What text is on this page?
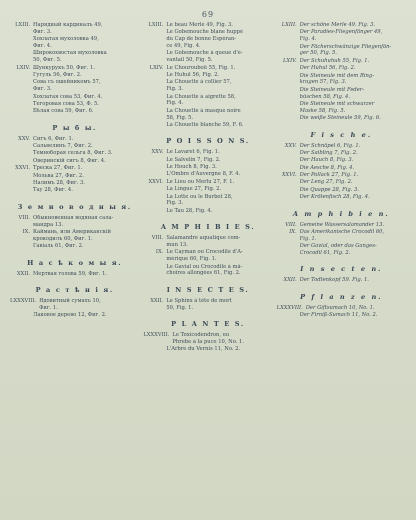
69
LXIII. Нарядный кардиналъ 49,
Фиг. 3.
Хохлатая мухоловка 49,
Фиг. 4.
Широкохвостая мухоловка
50, Фиг. 5.
LXIV. Шункурукъ 50, Фиг. 1.
Гугуль 56, Фиг. 2.
Сова съ ошейникомъ 57,
Фиг. 3.
Хохлатая сова 53, Фиг. 4.
Тегоровая сова 53, Ф. 5.
Бѣлая сова 59, Фиг. 6.
Р ы б ы.
XXV. Сигъ 6, Фиг. 1.
Сальвелинъ 7, Фиг. 2.
Темноборая сельга 8, Фиг. 3.
Оверинскій сигъ 8, Фиг. 4.
XXVI. Треска 27, Фиг. 1.
Мольва 27, Фиг. 2.
Налимъ 28, Фиг. 3.
Тау 28, Фиг. 4.
З е м н о в о д н ы я.
VIII. Обыкновенная водяная сала-
мандра 13.
IX. Каймань, или Американскій
крокодилъ 60, Фиг. 1.
Гавіаль 61, Фиг. 2.
Н а с ѣ к о м ы я.
XXII. Мертвая голова 59, Фиг. 1.
Р а с т ѣ н і я.
LXXXVIII. Ядовитный сумахъ 10,
Фиг. 1.
Лаковое дерево 12, Фиг. 2.
LXIII. Le beau Merle 49, Fig. 3.
Le Gobemouche blane huppé
du Cap de bonne Espéran-
ce 49, Fig. 4.
Le Gobemouche à queue d'é-
vantail 50, Fig. 5.
LXIV. Le Chourouboü 55, Fig. 1.
Le Huhul 56, Fig. 2.
La Chouette à collier 57,
Fig. 3.
La Chouette à aigrette 58,
Fig. 4.
La Chouette à masque noire
58, Fig. 5.
La Chouette blanche 59, F. 6.
P O I S S O N S.
XXV. Le Lavaret 6, Fig. 1.
Le Salvelin 7, Fig. 2.
Le Houch 8, Fig. 3.
L'Ombre d'Auvergne 8, F. 4.
XXVI. Le Lieu ou Merlu 27, F. 1.
La Lingue 27, Fig. 2.
La Lotte ou le Burbot 28,
Fig. 3.
Le Tau 28, Fig. 4.
A M P H I B I E S.
VIII. Salamandre aquatique com-
mun 13.
IX. Le Cayman ou Crocodile d'A-
mérique 60, Fig. 1.
Le Gavial ou Crocodile à mâ-
choires allongées 61, Fig. 2.
I N S E C T E S.
XXII. Le Sphinx à tête de mort
59, Fig. 1.
P L A N T E S.
LXXXVIII. Le Toxicodendron, ou
Phrebe à la puce 10, No. 1.
L'Arbre du Vernis 11, No. 2.
LXIII. Der schöne Merle 49. Fig. 3.
Der Paradies-Fliegenfänger 49,
Fig. 4.
Der Fächerschwänzige Fliegenfän-
ger 50, Fig. 5.
LXIV. Der Schuhuhuh 55, Fig. 1.
Der Huhul 56, Fig. 2.
Die Steineule mit dem Ring-
kragen 57, Fig. 3.
Die Steineule mit Feder-
büschen 58, Fig. 4.
Die Steineule mit schwarzer
Maske 58, Fig. 5.
Die weiße Steineule 59, Fig. 6.
F i s c h e.
XXV. Der Schnäpel 6, Fig. 1.
Der Saibling 7, Fig. 2.
Der Hauch 8, Fig. 3.
Die Aesche 8, Fig. 4.
XXVI. Der Pollack 27, Fig. 1.
Der Leng 27, Fig. 2.
Die Quappe 28, Fig. 3.
Der Krötenfisch 28, Fig. 4.
A m p h i b i e n.
VIII. Gemeine Wassersalamander 13.
IX. Das Amerikanische Crocodil 60,
Fig. 1.
Der Gavial, oder das Ganges-
Crocodil 61, Fig. 2.
I n s e c t e n.
XXII. Der Todtenkopf 59. Fig. 1.
P f l a n z e n.
LXXXVIII. Der Giftsumach 10, No. 1.
Der Firniß-Sumach 11, No. 2.
